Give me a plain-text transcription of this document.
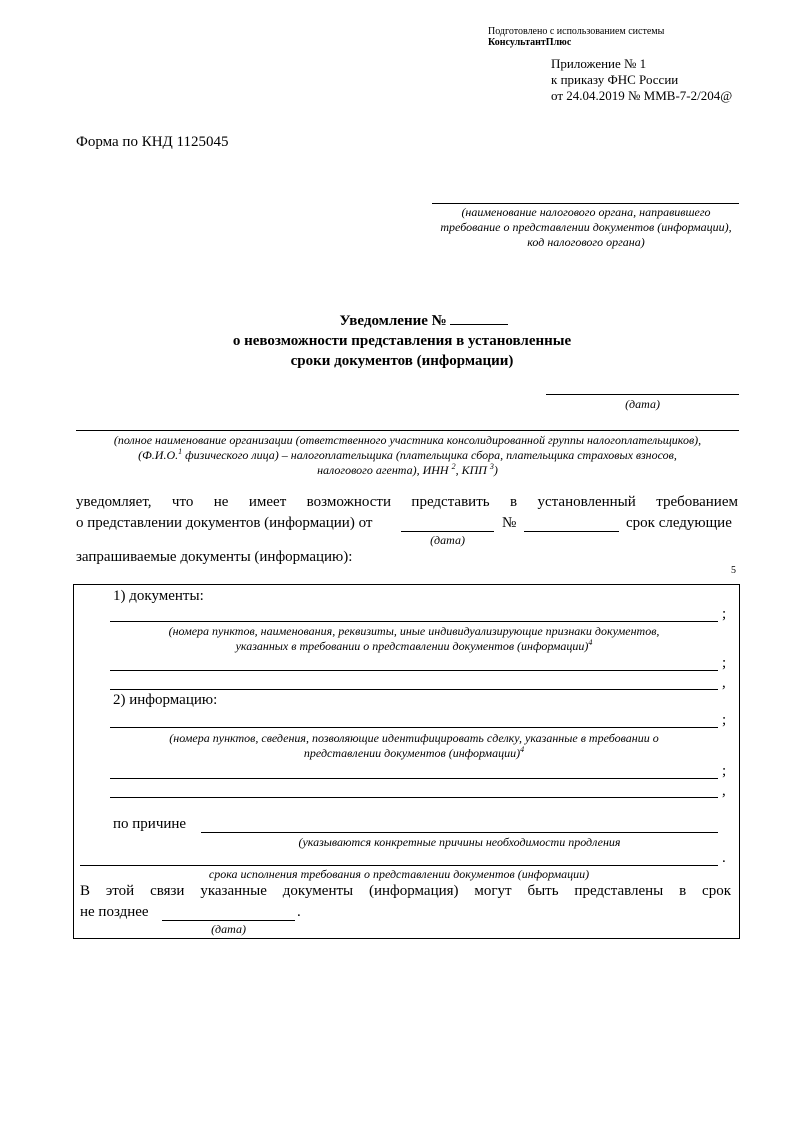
Подготовлено с использованием системы КонсультантПлюс
Приложение № 1
к приказу ФНС России
от 24.04.2019 № ММВ-7-2/204@
Форма по КНД 1125045
(наименование налогового органа, направившего требование о представлении документов (информации), код налогового органа)
Уведомление №
о невозможности представления в установленные
сроки документов (информации)
(дата)
(полное наименование организации (ответственного участника консолидированной группы налогоплательщиков),
(Ф.И.О.$^1$ физического лица) – налогоплательщика (плательщика сбора, плательщика страховых взносов,
налогового агента), ИНН $^2$, КПП $^3$)
уведомляет, что не имеет возможности представить в установленный требованием
о представлении документов (информации) от	№	срок следующие
(дата)
запрашиваемые документы (информацию):
5
1) документы:
;
(номера пунктов, наименования, реквизиты, иные индивидуализирующие признаки документов,
указанных в требовании о представлении документов (информации)$^4$
;
,
2) информацию:
;
(номера пунктов, сведения, позволяющие идентифицировать сделку, указанные в требовании о
представлении документов (информации)$^4$
;
,
по причине
(указываются конкретные причины необходимости продления
.
срока исполнения требования о представлении документов (информации)
В этой связи указанные документы (информация) могут быть представлены в срок
не позднее	.
(дата)
